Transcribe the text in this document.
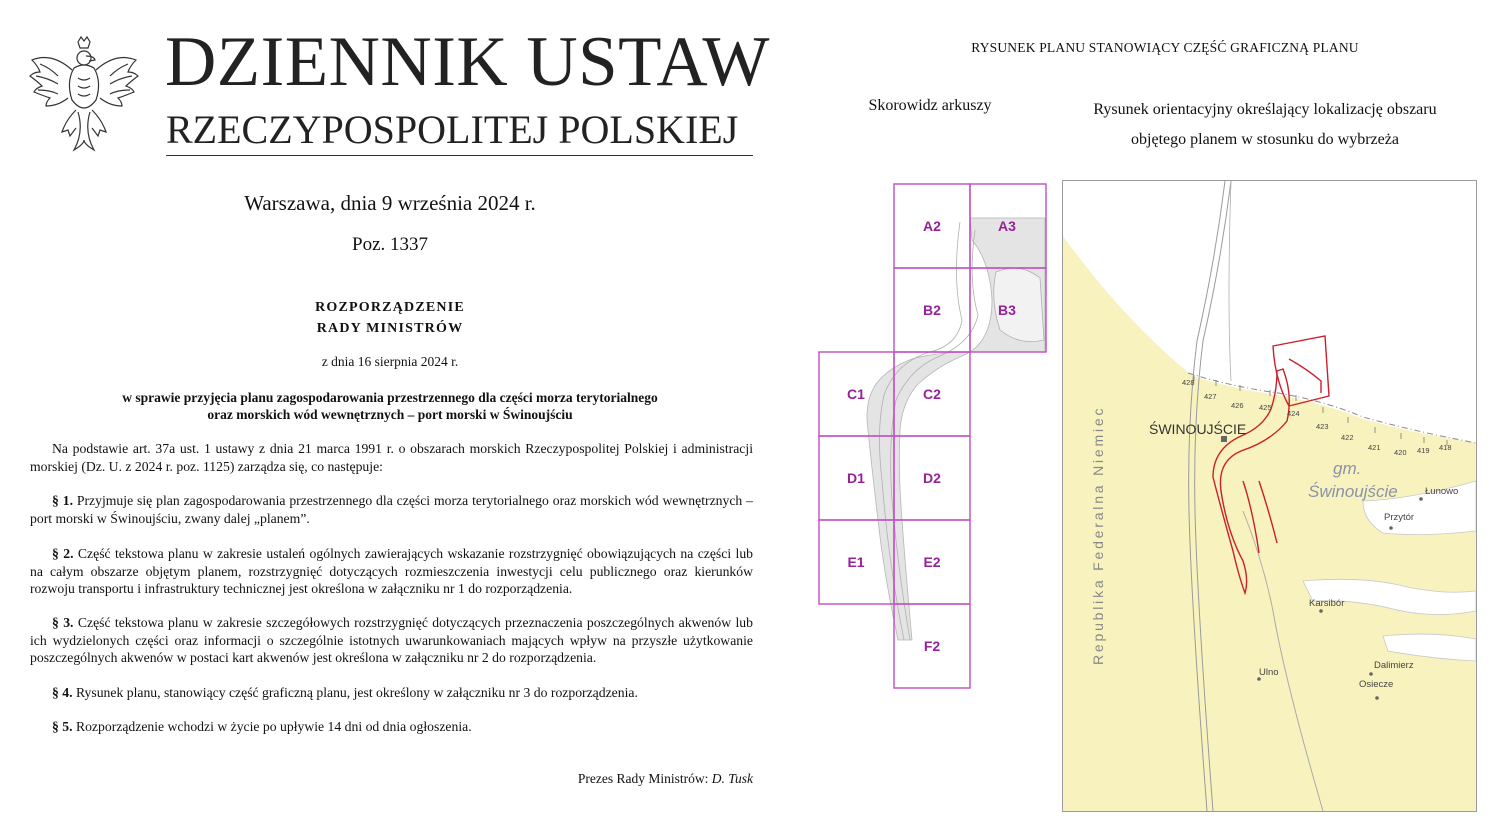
DZIENNIK USTAW
RZECZYPOSPOLITEJ POLSKIEJ
Warszawa, dnia 9 września 2024 r.
Poz. 1337
ROZPORZĄDZENIE
RADY MINISTRÓW
z dnia 16 sierpnia 2024 r.
w sprawie przyjęcia planu zagospodarowania przestrzennego dla części morza terytorialnego
oraz morskich wód wewnętrznych – port morski w Świnoujściu
Na podstawie art. 37a ust. 1 ustawy z dnia 21 marca 1991 r. o obszarach morskich Rzeczypospolitej Polskiej i administracji morskiej (Dz. U. z 2024 r. poz. 1125) zarządza się, co następuje:
§ 1. Przyjmuje się plan zagospodarowania przestrzennego dla części morza terytorialnego oraz morskich wód wewnętrznych – port morski w Świnoujściu, zwany dalej „planem”.
§ 2. Część tekstowa planu w zakresie ustaleń ogólnych zawierających wskazanie rozstrzygnięć obowiązujących na części lub na całym obszarze objętym planem, rozstrzygnięć dotyczących rozmieszczenia inwestycji celu publicznego oraz kierunków rozwoju transportu i infrastruktury technicznej jest określona w załączniku nr 1 do rozporządzenia.
§ 3. Część tekstowa planu w zakresie szczegółowych rozstrzygnięć dotyczących przeznaczenia poszczególnych akwenów lub ich wydzielonych części oraz informacji o szczególnie istotnych uwarunkowaniach mających wpływ na przyszłe użytkowanie poszczególnych akwenów w postaci kart akwenów jest określona w załączniku nr 2 do rozporządzenia.
§ 4. Rysunek planu, stanowiący część graficzną planu, jest określony w załączniku nr 3 do rozporządzenia.
§ 5. Rozporządzenie wchodzi w życie po upływie 14 dni od dnia ogłoszenia.
Prezes Rady Ministrów: D. Tusk
RYSUNEK PLANU STANOWIĄCY CZĘŚĆ GRAFICZNĄ PLANU
Skorowidz arkuszy	Rysunek orientacyjny określający lokalizację obszaru
objętego planem w stosunku do wybrzeża
A2	A3
B2	B3
C1	C2
D1	D2
E1	E2
F2
428
427
426 425
424
423
422
421
420 419 418
ŚWINOUJŚCIE
gm.
Świnoujście
Republika Federalna Niemiec	Łunowo
Przytór
Karsibór
Dalimierz
Ulno
Osiecze
